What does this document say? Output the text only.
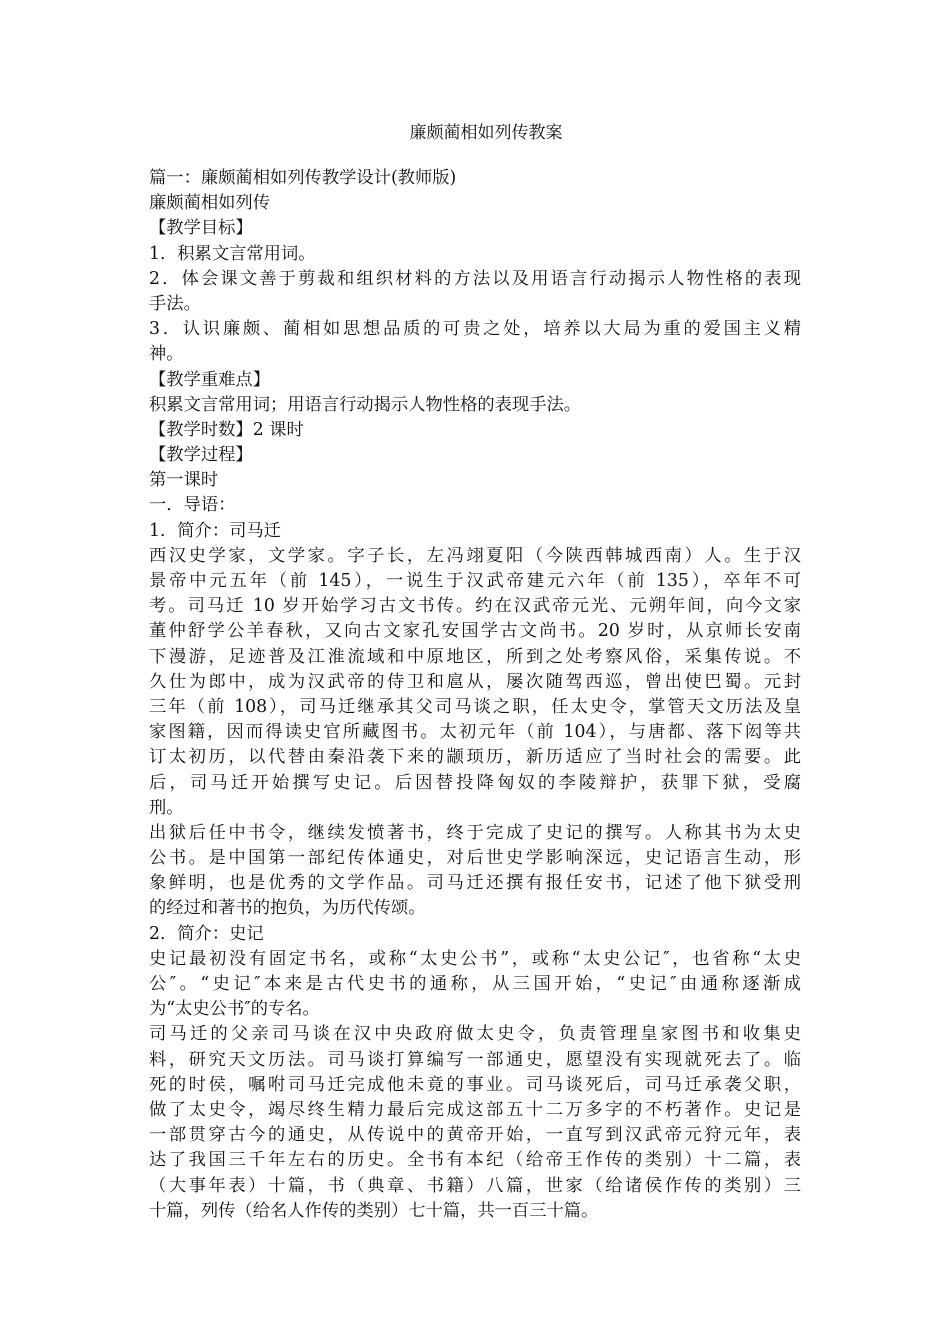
廉颇蔺相如列传教案
篇一：廉颇蔺相如列传教学设计(教师版)
廉颇蔺相如列传
【教学目标】
1．积累文言常用词。
2．体会课文善于剪裁和组织材料的方法以及用语言行动揭示人物性格的表现
手法。
3．认识廉颇、蔺相如思想品质的可贵之处，培养以大局为重的爱国主义精
神。
【教学重难点】
积累文言常用词；用语言行动揭示人物性格的表现手法。
【教学时数】2 课时
【教学过程】
第一课时
一．导语：
1．简介：司马迁
西汉史学家，文学家。字子长，左冯翊夏阳（今陕西韩城西南）人。生于汉
景帝中元五年（前 145），一说生于汉武帝建元六年（前 135），卒年不可
考。司马迁 10 岁开始学习古文书传。约在汉武帝元光、元朔年间，向今文家
董仲舒学公羊春秋，又向古文家孔安国学古文尚书。20 岁时，从京师长安南
下漫游，足迹普及江淮流域和中原地区，所到之处考察风俗，采集传说。不
久仕为郎中，成为汉武帝的侍卫和扈从，屡次随驾西巡，曾出使巴蜀。元封
三年（前 108），司马迁继承其父司马谈之职，任太史令，掌管天文历法及皇
家图籍，因而得读史官所藏图书。太初元年（前 104），与唐都、落下闳等共
订太初历，以代替由秦沿袭下来的颛顼历，新历适应了当时社会的需要。此
后，司马迁开始撰写史记。后因替投降匈奴的李陵辩护，获罪下狱，受腐
刑。
出狱后任中书令，继续发愤著书，终于完成了史记的撰写。人称其书为太史
公书。是中国第一部纪传体通史，对后世史学影响深远，史记语言生动，形
象鲜明，也是优秀的文学作品。司马迁还撰有报任安书，记述了他下狱受刑
的经过和著书的抱负，为历代传颂。
2．简介：史记
史记最初没有固定书名，或称“太史公书”，或称“太史公记″，也省称“太史
公″。“史记″本来是古代史书的通称，从三国开始，“史记″由通称逐渐成
为“太史公书″的专名。
司马迁的父亲司马谈在汉中央政府做太史令，负责管理皇家图书和收集史
料，研究天文历法。司马谈打算编写一部通史，愿望没有实现就死去了。临
死的时侯，嘱咐司马迁完成他未竟的事业。司马谈死后，司马迁承袭父职，
做了太史令，竭尽终生精力最后完成这部五十二万多字的不朽著作。史记是
一部贯穿古今的通史，从传说中的黄帝开始，一直写到汉武帝元狩元年，表
达了我国三千年左右的历史。全书有本纪（给帝王作传的类别）十二篇，表
（大事年表）十篇，书（典章、书籍）八篇，世家（给诸侯作传的类别）三
十篇，列传（给名人作传的类别）七十篇，共一百三十篇。
